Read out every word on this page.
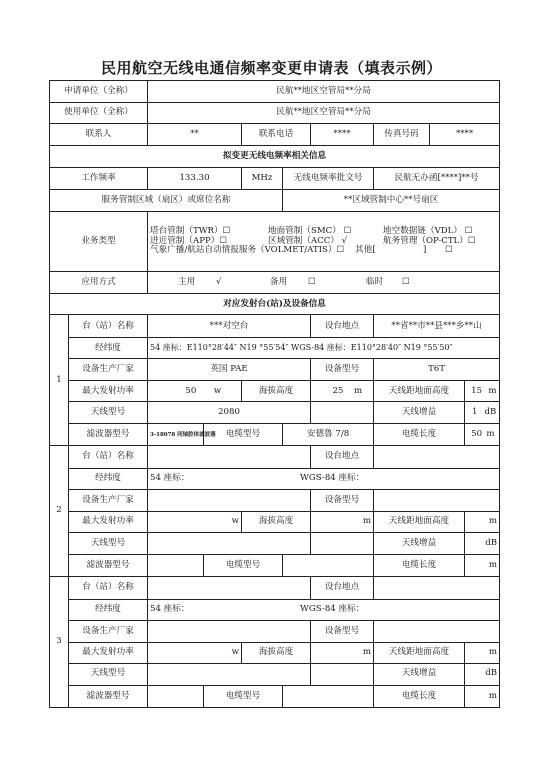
民用航空无线电通信频率变更申请表（填表示例）
申请单位（全称）		民航**地区空管局**分局							
使用单位（全称）		民航**地区空管局**分局							
联系人		**		联系电话		****	传真号码	****	
拟变更无线电频率相关信息									
工作频率		133.30		MHz	无线电频率批文号		民航无办函[****]**号		
服务管制区域（扇区）或席位名称					**区域管制中心**号扇区				
业务类型		塔台管制（TWR）☐ 地面管制（SMC） ☐ 地空数据链（VDL） ☐
进近管制（APP）☐ 区域管制（ACC） √ 航务管理（OP-CTL）☐
气象广播/航站自动情报服务（VOLMET/ATIS）☐ 其他[ ] ☐							

应用方式		主用 √ 备用 ☐ 临时 ☐							
对应发射台(站)及设备信息									
1	台（站）名称	***对空台				设台地点	**省**市**县***乡**山		
	经纬度	54 座标：E110°28′44″ N19 °55′54″ WGS-84 座标：E110°28′40″ N19 °55′50″							
	设备生产厂家	英国 PAE				设备型号	T6T		
	最大发射功率	50 w		海拔高度		25 m	天线距地面高度		15 m
	天线型号	2080					天线增益		1 dB
	滤波器型号	3-18078 同轴腔体滤波器	电缆型号		安德鲁 7/8		电缆长度		50 m
2	台（站）名称					设台地点			
	经纬度	54 座标： WGS-84 座标：							
	设备生产厂家					设备型号			
	最大发射功率	w		海拔高度		m	天线距地面高度		m
	天线型号						天线增益		dB
	滤波器型号		电缆型号				电缆长度		m
3	台（站）名称					设台地点			
	经纬度	54 座标： WGS-84 座标：							
	设备生产厂家					设备型号			
	最大发射功率	w		海拔高度		m	天线距地面高度		m
	天线型号						天线增益		dB
	滤波器型号		电缆型号				电缆长度		m
